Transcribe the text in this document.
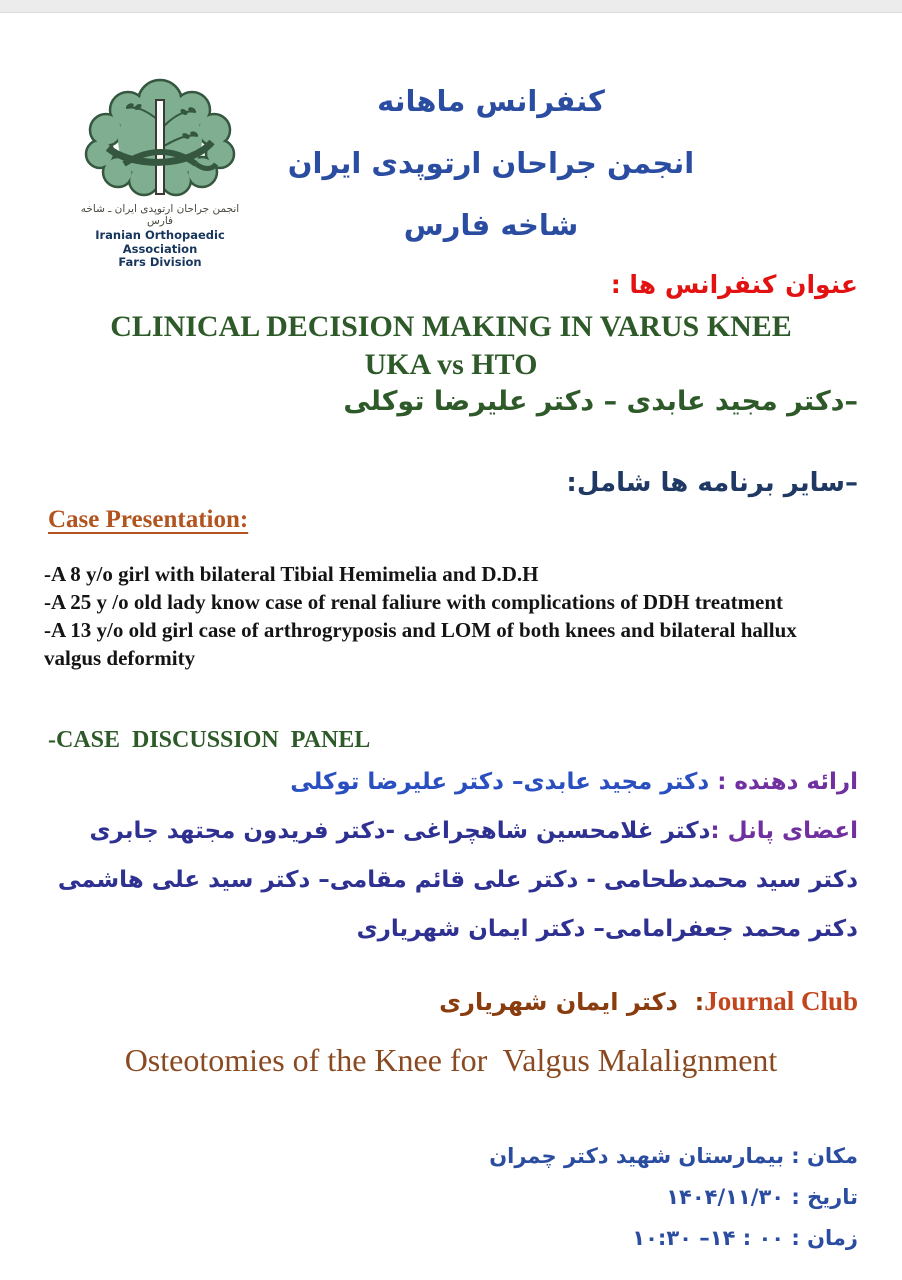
انجمن جراحان ارتوپدی ایران ـ شاخه فارس
Iranian Orthopaedic Association
Fars Division
کنفرانس ماهانه
انجمن جراحان ارتوپدی ایران
شاخه فارس
عنوان کنفرانس ها :
CLINICAL DECISION MAKING IN VARUS KNEE
UKA vs HTO
–دکتر مجید عابدی – دکتر علیرضا توکلی
–سایر برنامه ها شامل:
Case Presentation:
-A 8 y/o girl with bilateral Tibial Hemimelia and D.D.H
-A 25 y /o old lady know case of renal faliure with complications of DDH treatment
-A 13 y/o old girl case of arthrogryposis and LOM of both knees and bilateral hallux valgus deformity
-CASE  DISCUSSION  PANEL
ارائه دهنده : دکتر مجید عابدی– دکتر علیرضا توکلی
اعضای پانل :دکتر غلامحسین شاهچراغی -دکتر فریدون مجتهد جابری
دکتر سید محمدطحامی - دکتر علی قائم مقامی– دکتر سید علی هاشمی
دکتر محمد جعفرامامی– دکتر ایمان شهریاری
Journal Club:  دکتر ایمان شهریاری
Osteotomies of the Knee for  Valgus Malalignment
مکان : بیمارستان شهید دکتر چمران
تاریخ : ۱۴۰۴/۱۱/۳۰
زمان : ۰۰ : ۱۴– ۱۰:۳۰
